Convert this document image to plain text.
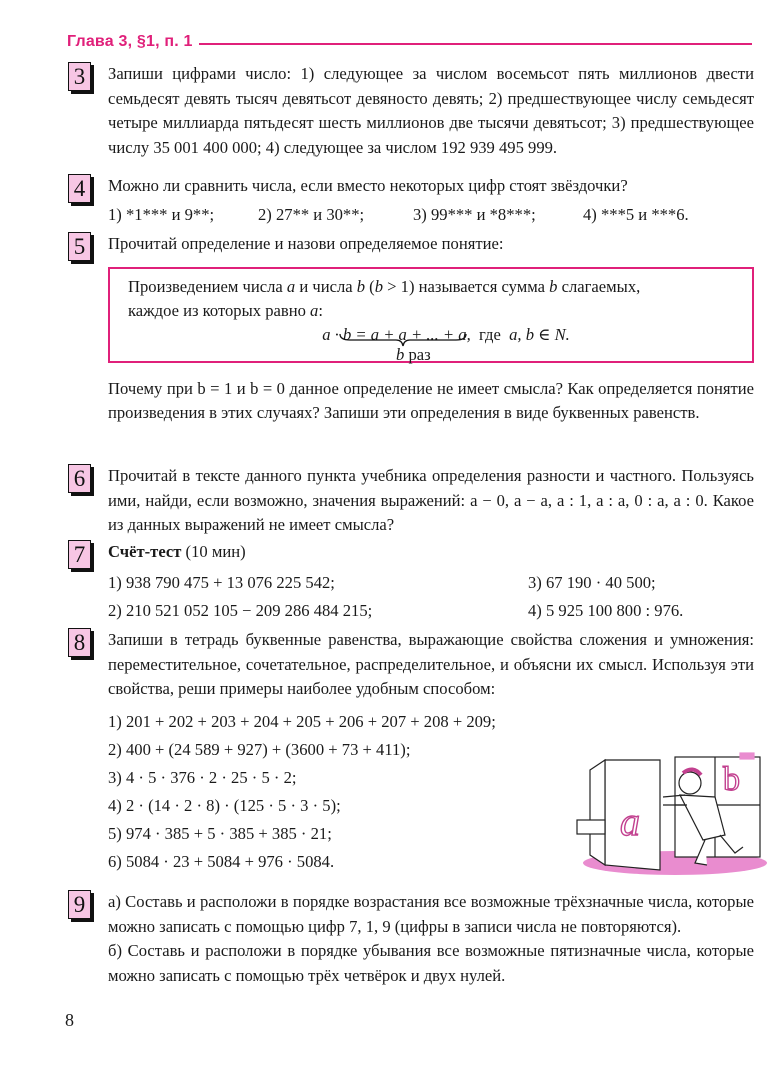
Глава 3, §1, п. 1
3	Запиши цифрами число: 1) следующее за числом восемьсот пять миллионов двести семьдесят девять тысяч девятьсот девяносто девять; 2) предшествующее числу семьдесят четыре миллиарда пятьдесят шесть миллионов две тысячи девятьсот; 3) предшествующее числу 35 001 400 000; 4) следующее за числом 192 939 495 999.

4	Можно ли сравнить числа, если вместо некоторых цифр стоят звёздочки?

1) *1*** и 9**;	2) 27** и 30**;	3) 99*** и *8***;	4) ***5 и ***6.
5	Прочитай определение и назови определяемое понятие:

Произведением числа a и числа b (b > 1) называется сумма b слагаемых,
каждое из которых равно a:
a · b = a + a + ... + a,  где  a, b ∈ N.
b раз

Почему при b = 1 и b = 0 данное определение не имеет смысла? Как определяется понятие произведения в этих случаях? Запиши эти определения в виде буквенных равенств.

6	Прочитай в тексте данного пункта учебника определения разности и частного. Пользуясь ими, найди, если возможно, значения выражений: a − 0, a − a, a : 1, a : a, 0 : a, a : 0. Какое из данных выражений не имеет смысла?

7	Счёт-тест (10 мин)

1) 938 790 475 + 13 076 225 542;	3) 67 190 · 40 500;
2) 210 521 052 105 − 209 286 484 215;	4) 5 925 100 800 : 976.
8	Запиши в тетрадь буквенные равенства, выражающие свойства сложения и умножения: переместительное, сочетательное, распределительное, и объясни их смысл. Используя эти свойства, реши примеры наиболее удобным способом:

1) 201 + 202 + 203 + 204 + 205 + 206 + 207 + 208 + 209;
2) 400 + (24 589 + 927) + (3600 + 73 + 411);
3) 4 · 5 · 376 · 2 · 25 · 5 · 2;
4) 2 · (14 · 2 · 8) · (125 · 5 · 3 · 5);
5) 974 · 385 + 5 · 385 + 385 · 21;
6) 5084 · 23 + 5084 + 976 · 5084.
a
b
9	а) Составь и расположи в порядке возрастания все возможные трёхзначные числа, которые можно записать с помощью цифр 7, 1, 9 (цифры в записи числа не повторяются).

б) Составь и расположи в порядке убывания все возможные пятизначные числа, которые можно записать с помощью трёх четвёрок и двух нулей.

8
